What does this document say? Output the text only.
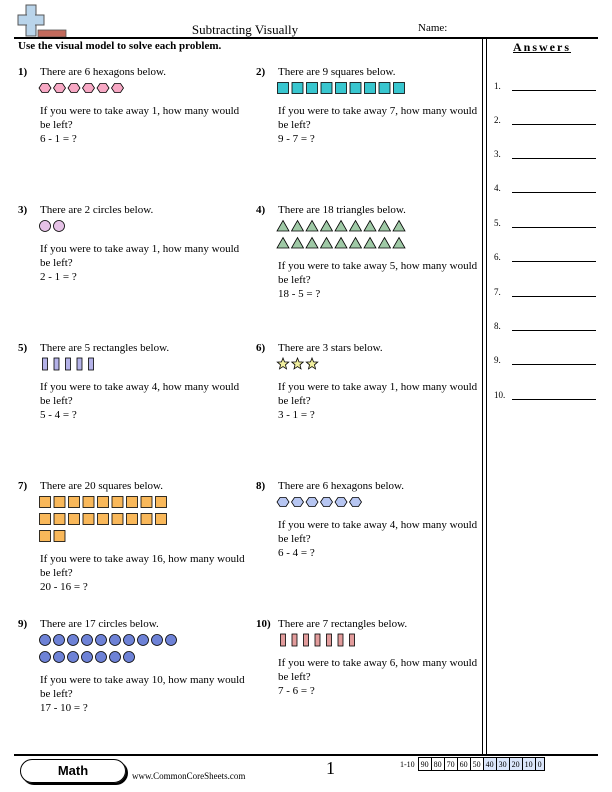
Subtracting Visually	Name:
Use the visual model to solve each problem.	Answers
1.
2.
3.
4.
5.
6.
7.
8.
9.
10.
1) There are 6 hexagons below.
If you were to take away 1, how many would be left?
6 - 1 = ?
2) There are 9 squares below.
If you were to take away 7, how many would be left?
9 - 7 = ?
3) There are 2 circles below.
If you were to take away 1, how many would be left?
2 - 1 = ?
4) There are 18 triangles below.
If you were to take away 5, how many would be left?
18 - 5 = ?
5) There are 5 rectangles below.
If you were to take away 4, how many would be left?
5 - 4 = ?
6) There are 3 stars below.
If you were to take away 1, how many would be left?
3 - 1 = ?
7) There are 20 squares below.
If you were to take away 16, how many would be left?
20 - 16 = ?
8) There are 6 hexagons below.
If you were to take away 4, how many would be left?
6 - 4 = ?
9) There are 17 circles below.
If you were to take away 10, how many would be left?
17 - 10 = ?
10) There are 7 rectangles below.
If you were to take away 6, how many would be left?
7 - 6 = ?
Math	www.CommonCoreSheets.com	1	1-10	90	80	70	60	50	40	30	20	10	0
